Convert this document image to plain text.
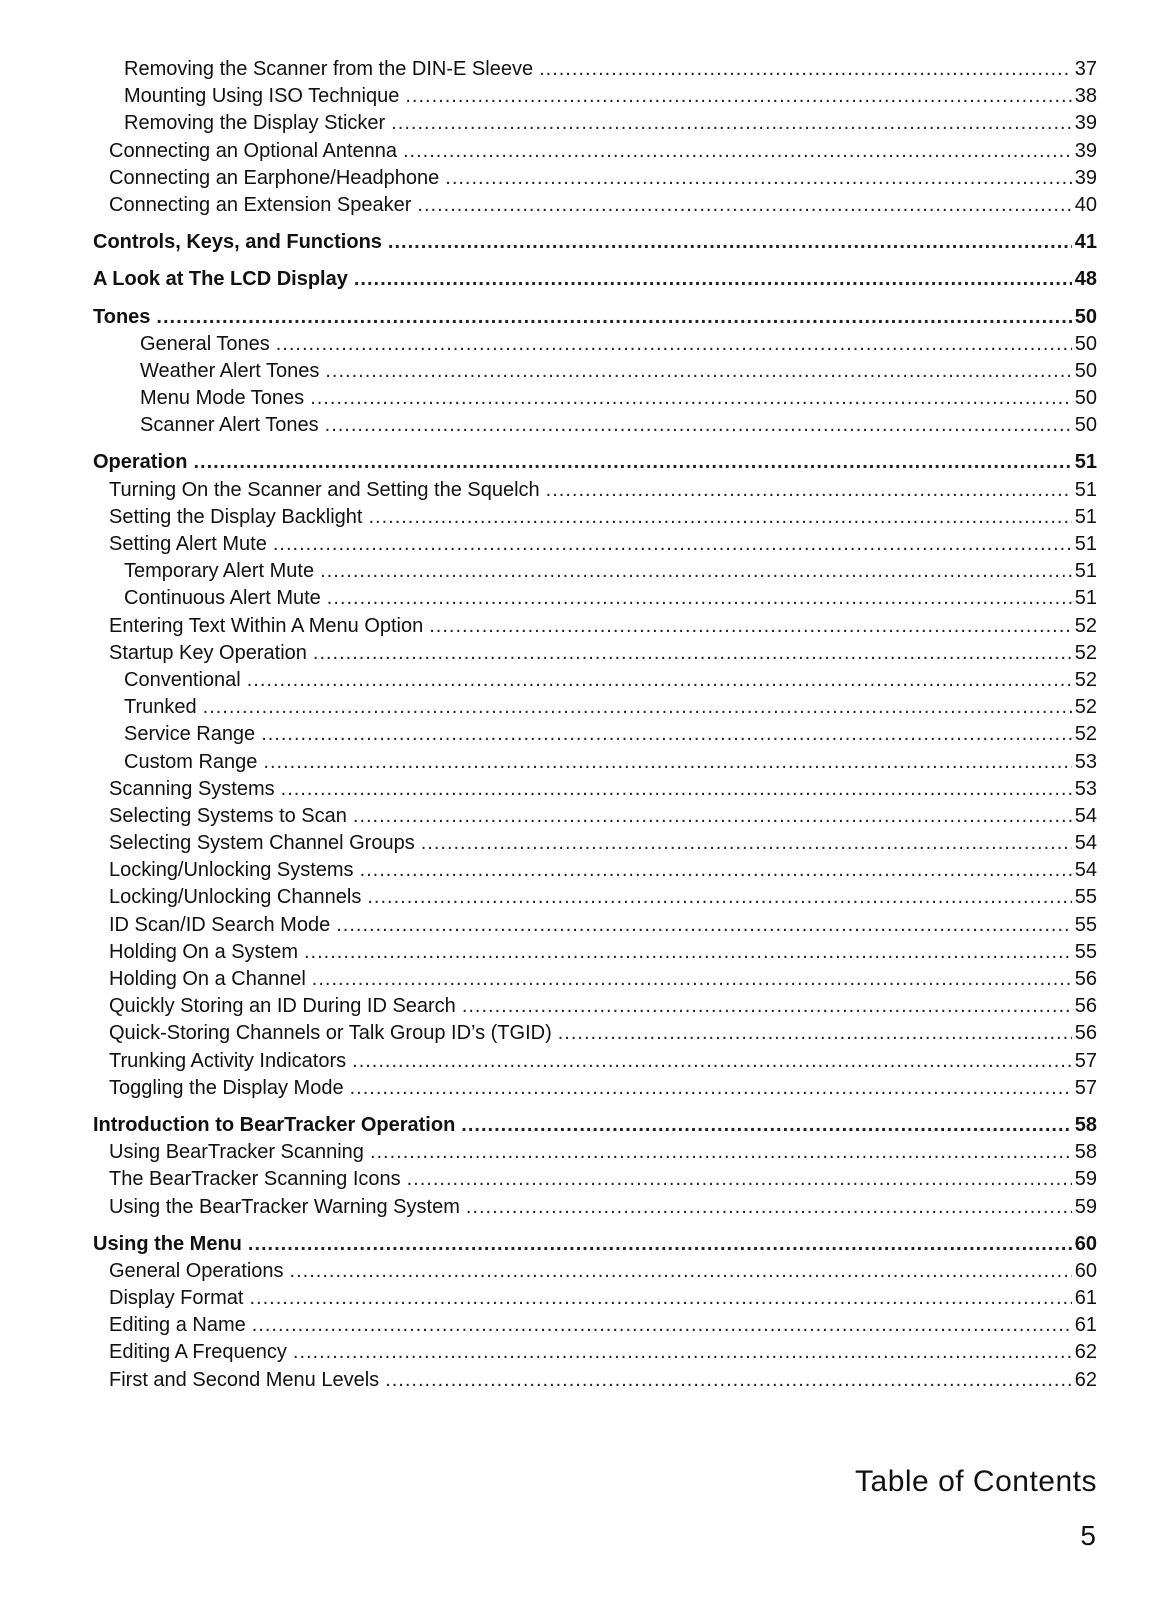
Removing the Scanner from the DIN-E Sleeve .....	37
Mounting Using ISO Technique .....	38
Removing the Display Sticker .....	39
Connecting an Optional Antenna .....	39
Connecting an Earphone/Headphone .....	39
Connecting an Extension Speaker .....	40
Controls, Keys, and Functions .....	41
A Look at The LCD Display .....	48
Tones .....	50
General Tones .....	50
Weather Alert Tones .....	50
Menu Mode Tones .....	50
Scanner Alert Tones .....	50
Operation .....	51
Turning On the Scanner and Setting the Squelch .....	51
Setting the Display Backlight .....	51
Setting Alert Mute .....	51
Temporary Alert Mute .....	51
Continuous Alert Mute .....	51
Entering Text Within A Menu Option .....	52
Startup Key Operation .....	52
Conventional .....	52
Trunked .....	52
Service Range .....	52
Custom Range .....	53
Scanning Systems .....	53
Selecting Systems to Scan .....	54
Selecting System Channel Groups .....	54
Locking/Unlocking Systems .....	54
Locking/Unlocking Channels .....	55
ID Scan/ID Search Mode .....	55
Holding On a System .....	55
Holding On a Channel .....	56
Quickly Storing an ID During ID Search .....	56
Quick-Storing Channels or Talk Group ID’s (TGID) .....	56
Trunking Activity Indicators .....	57
Toggling the Display Mode .....	57
Introduction to BearTracker Operation .....	58
Using BearTracker Scanning .....	58
The BearTracker Scanning Icons .....	59
Using the BearTracker Warning System .....	59
Using the Menu .....	60
General Operations .....	60
Display Format .....	61
Editing a Name .....	61
Editing A Frequency .....	62
First and Second Menu Levels .....	62
Table of Contents
5
